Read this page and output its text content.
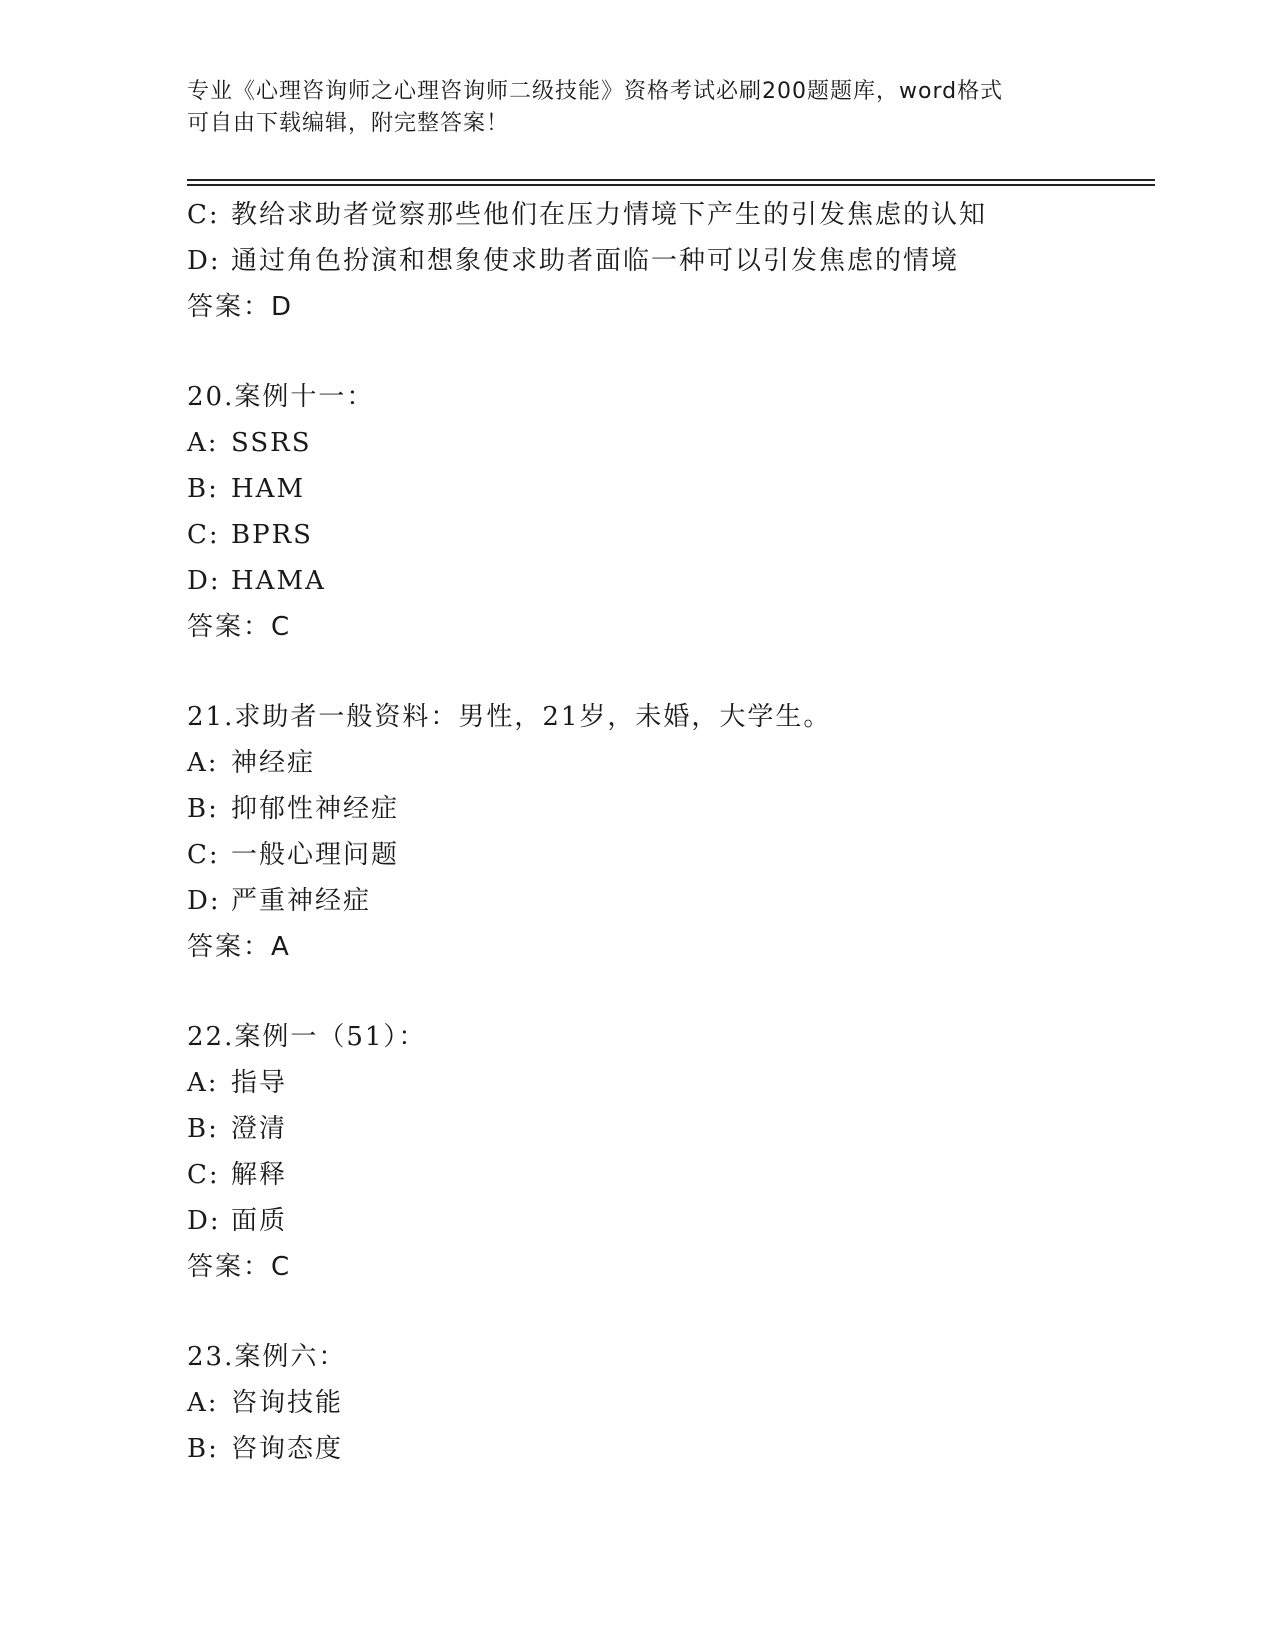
专业《心理咨询师之心理咨询师二级技能》资格考试必刷200题题库，word格式
可自由下载编辑，附完整答案！
C: 教给求助者觉察那些他们在压力情境下产生的引发焦虑的认知
D: 通过角色扮演和想象使求助者面临一种可以引发焦虑的情境
答案：D
20.案例十一：
A: SSRS
B: HAM
C: BPRS
D: HAMA
答案：C
21.求助者一般资料：男性，21岁，未婚，大学生。
A: 神经症
B: 抑郁性神经症
C: 一般心理问题
D: 严重神经症
答案：A
22.案例一（51）：
A: 指导
B: 澄清
C: 解释
D: 面质
答案：C
23.案例六：
A: 咨询技能
B: 咨询态度
